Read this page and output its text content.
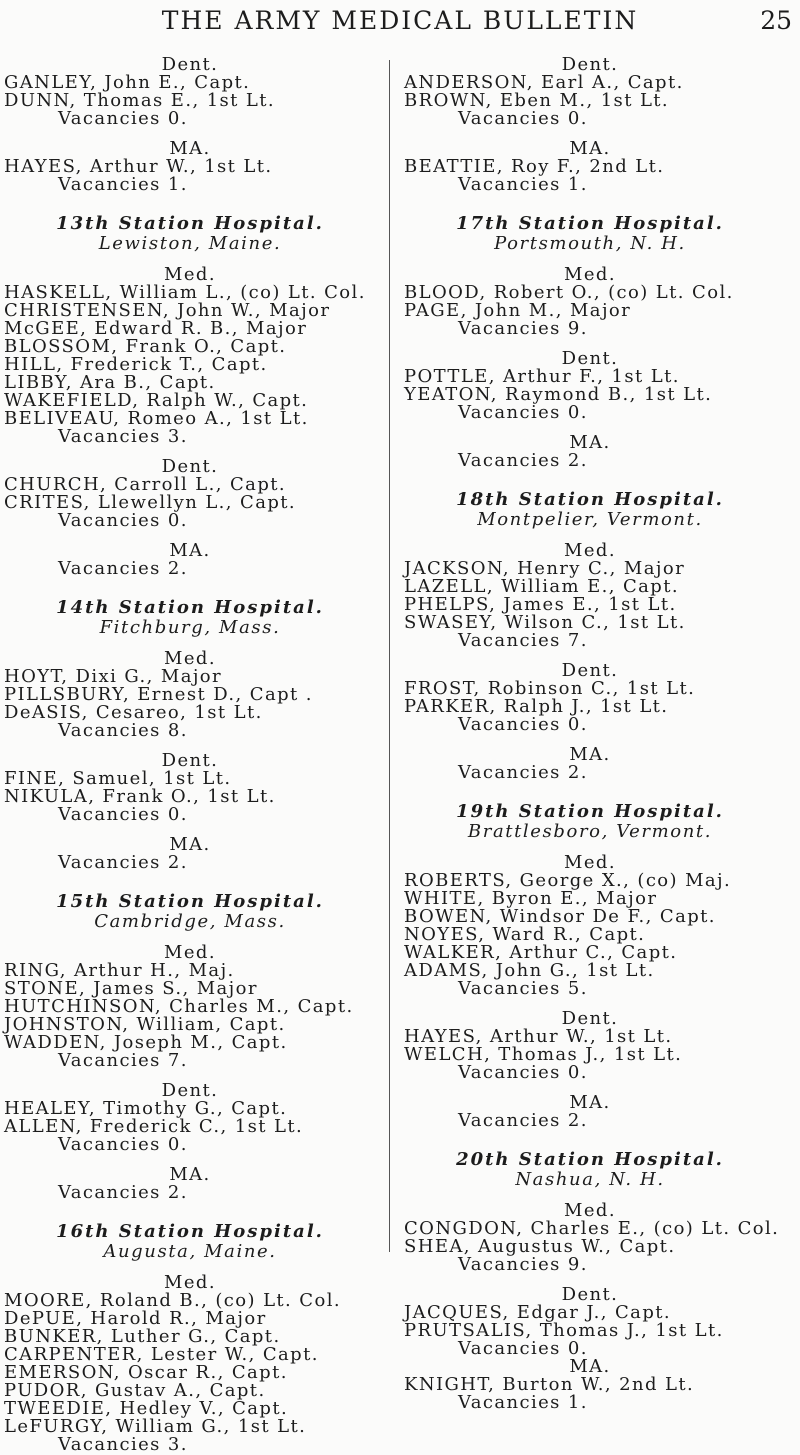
THE ARMY MEDICAL BULLETIN	25
Dent.
GANLEY, John E., Capt.
DUNN, Thomas E., 1st Lt.
Vacancies 0.
MA.
HAYES, Arthur W., 1st Lt.
Vacancies 1.
13th Station Hospital.
Lewiston, Maine.
Med.
HASKELL, William L., (co) Lt. Col.
CHRISTENSEN, John W., Major
McGEE, Edward R. B., Major
BLOSSOM, Frank O., Capt.
HILL, Frederick T., Capt.
LIBBY, Ara B., Capt.
WAKEFIELD, Ralph W., Capt.
BELIVEAU, Romeo A., 1st Lt.
Vacancies 3.
Dent.
CHURCH, Carroll L., Capt.
CRITES, Llewellyn L., Capt.
Vacancies 0.
MA.
Vacancies 2.
14th Station Hospital.
Fitchburg, Mass.
Med.
HOYT, Dixi G., Major
PILLSBURY, Ernest D., Capt .
DeASIS, Cesareo, 1st Lt.
Vacancies 8.
Dent.
FINE, Samuel, 1st Lt.
NIKULA, Frank O., 1st Lt.
Vacancies 0.
MA.
Vacancies 2.
15th Station Hospital.
Cambridge, Mass.
Med.
RING, Arthur H., Maj.
STONE, James S., Major
HUTCHINSON, Charles M., Capt.
JOHNSTON, William, Capt.
WADDEN, Joseph M., Capt.
Vacancies 7.
Dent.
HEALEY, Timothy G., Capt.
ALLEN, Frederick C., 1st Lt.
Vacancies 0.
MA.
Vacancies 2.
16th Station Hospital.
Augusta, Maine.
Med.
MOORE, Roland B., (co) Lt. Col.
DePUE, Harold R., Major
BUNKER, Luther G., Capt.
CARPENTER, Lester W., Capt.
EMERSON, Oscar R., Capt.
PUDOR, Gustav A., Capt.
TWEEDIE, Hedley V., Capt.
LeFURGY, William G., 1st Lt.
Vacancies 3.
Dent.
ANDERSON, Earl A., Capt.
BROWN, Eben M., 1st Lt.
Vacancies 0.
MA.
BEATTIE, Roy F., 2nd Lt.
Vacancies 1.
17th Station Hospital.
Portsmouth, N. H.
Med.
BLOOD, Robert O., (co) Lt. Col.
PAGE, John M., Major
Vacancies 9.
Dent.
POTTLE, Arthur F., 1st Lt.
YEATON, Raymond B., 1st Lt.
Vacancies 0.
MA.
Vacancies 2.
18th Station Hospital.
Montpelier, Vermont.
Med.
JACKSON, Henry C., Major
LAZELL, William E., Capt.
PHELPS, James E., 1st Lt.
SWASEY, Wilson C., 1st Lt.
Vacancies 7.
Dent.
FROST, Robinson C., 1st Lt.
PARKER, Ralph J., 1st Lt.
Vacancies 0.
MA.
Vacancies 2.
19th Station Hospital.
Brattlesboro, Vermont.
Med.
ROBERTS, George X., (co) Maj.
WHITE, Byron E., Major
BOWEN, Windsor De F., Capt.
NOYES, Ward R., Capt.
WALKER, Arthur C., Capt.
ADAMS, John G., 1st Lt.
Vacancies 5.
Dent.
HAYES, Arthur W., 1st Lt.
WELCH, Thomas J., 1st Lt.
Vacancies 0.
MA.
Vacancies 2.
20th Station Hospital.
Nashua, N. H.
Med.
CONGDON, Charles E., (co) Lt. Col.
SHEA, Augustus W., Capt.
Vacancies 9.
Dent.
JACQUES, Edgar J., Capt.
PRUTSALIS, Thomas J., 1st Lt.
Vacancies 0.
MA.
KNIGHT, Burton W., 2nd Lt.
Vacancies 1.
